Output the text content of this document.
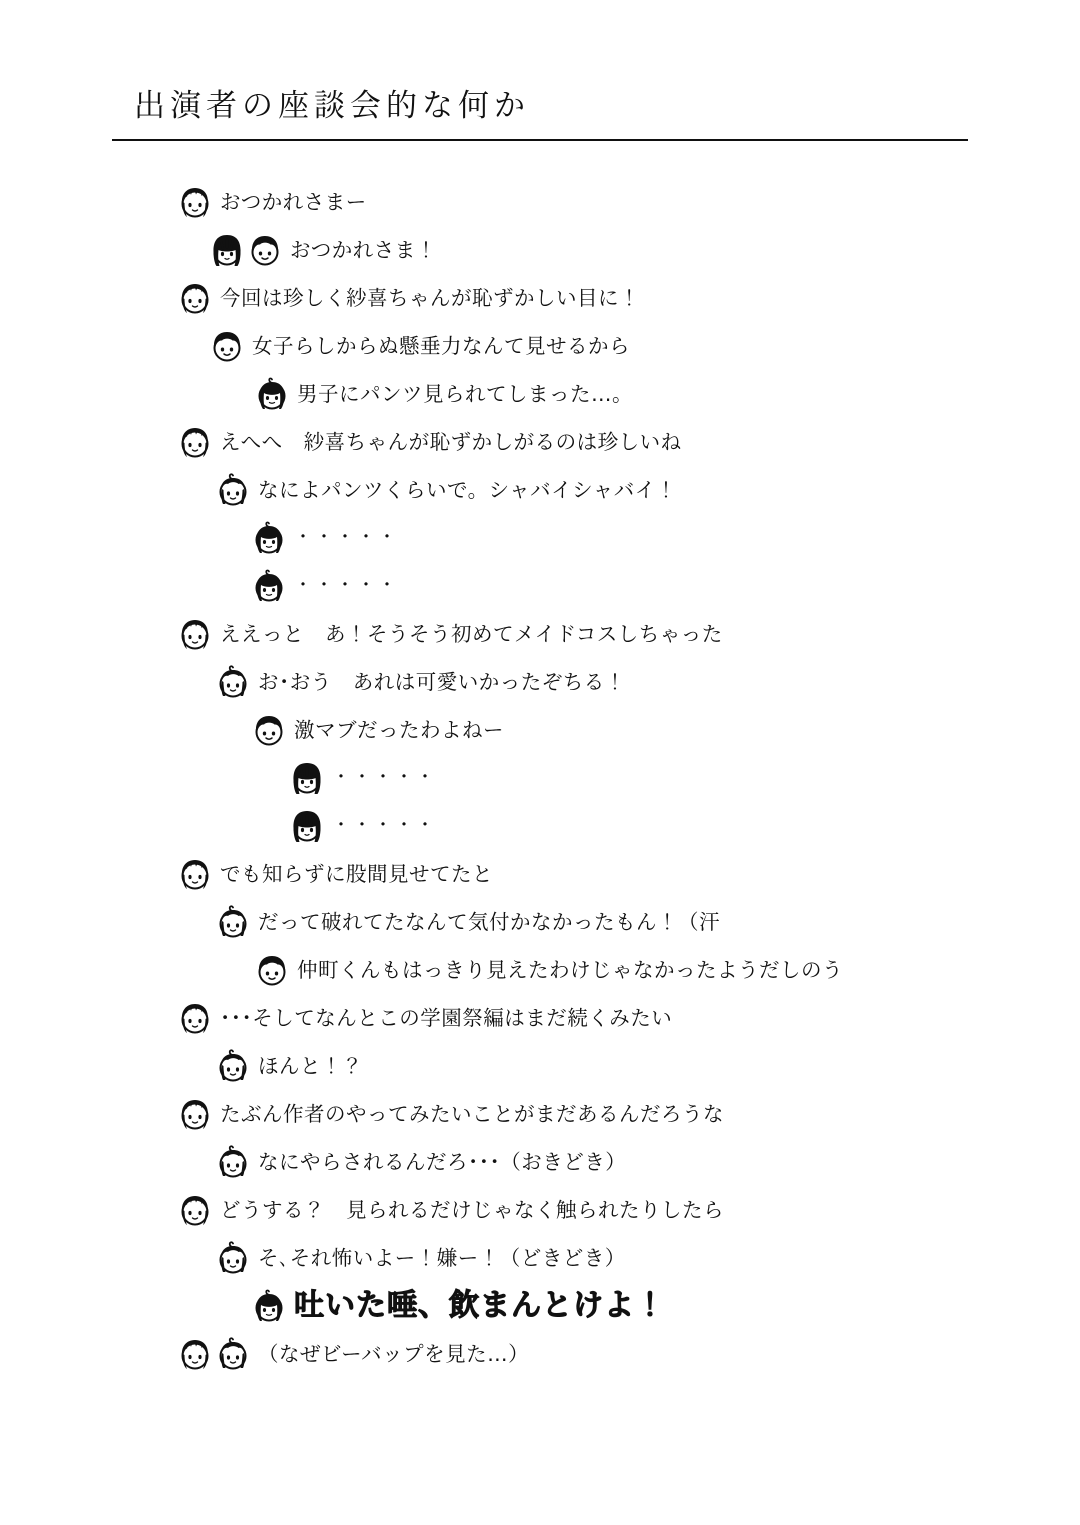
出演者の座談会的な何か
おつかれさまー
おつかれさま！
今回は珍しく紗喜ちゃんが恥ずかしい目に！
女子らしからぬ懸垂力なんて見せるから
男子にパンツ見られてしまった…。
えへへ　紗喜ちゃんが恥ずかしがるのは珍しいね
なによパンツくらいで。シャバイシャバイ！
・・・・・
・・・・・
ええっと　あ！そうそう初めてメイドコスしちゃった
お･おう　あれは可愛いかったぞちる！
激マブだったわよねー
・・・・・
・・・・・
でも知らずに股間見せてたと
だって破れてたなんて気付かなかったもん！（汗
仲町くんもはっきり見えたわけじゃなかったようだしのう
･･･そしてなんとこの学園祭編はまだ続くみたい
ほんと！？
たぶん作者のやってみたいことがまだあるんだろうな
なにやらされるんだろ･･･（おきどき）
どうする？　見られるだけじゃなく触られたりしたら
そ､それ怖いよー！嫌ー！（どきどき）
吐いた唾、飲まんとけよ！
（なぜビーバップを見た…）
